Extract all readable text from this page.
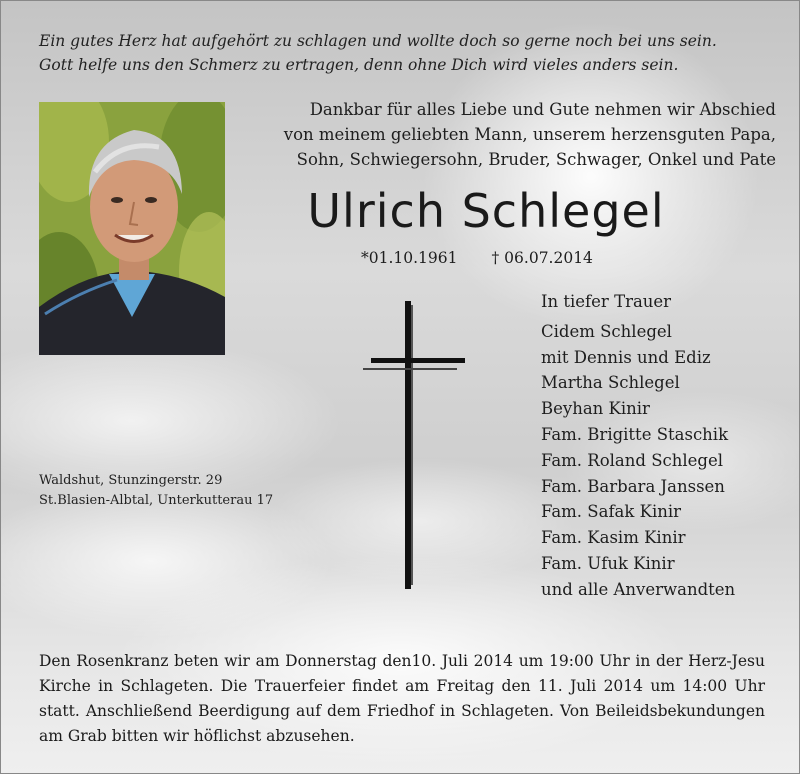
Ein gutes Herz hat aufgehört zu schlagen und wollte doch so gerne noch bei uns sein.
Gott helfe uns den Schmerz zu ertragen, denn ohne Dich wird vieles anders sein.
Dankbar für alles Liebe und Gute nehmen wir Abschied
von meinem geliebten Mann, unserem herzensguten Papa,
Sohn, Schwiegersohn, Bruder, Schwager, Onkel und Pate
Ulrich Schlegel
*01.10.1961 † 06.07.2014
Waldshut, Stunzingerstr. 29
St.Blasien-Albtal, Unterkutterau 17
In tiefer Trauer
Cidem Schlegel
mit Dennis und Ediz
Martha Schlegel
Beyhan Kinir
Fam. Brigitte Staschik
Fam. Roland Schlegel
Fam. Barbara Janssen
Fam. Safak Kinir
Fam. Kasim Kinir
Fam. Ufuk Kinir
und alle Anverwandten
Den Rosenkranz beten wir am Donnerstag den10. Juli 2014 um 19:00 Uhr in der Herz-Jesu Kirche in Schlageten. Die Trauerfeier findet am Freitag den 11. Juli 2014 um 14:00 Uhr statt. Anschließend Beerdigung auf dem Friedhof in Schlageten. Von Beileidsbekundungen am Grab bitten wir höflichst abzusehen.
